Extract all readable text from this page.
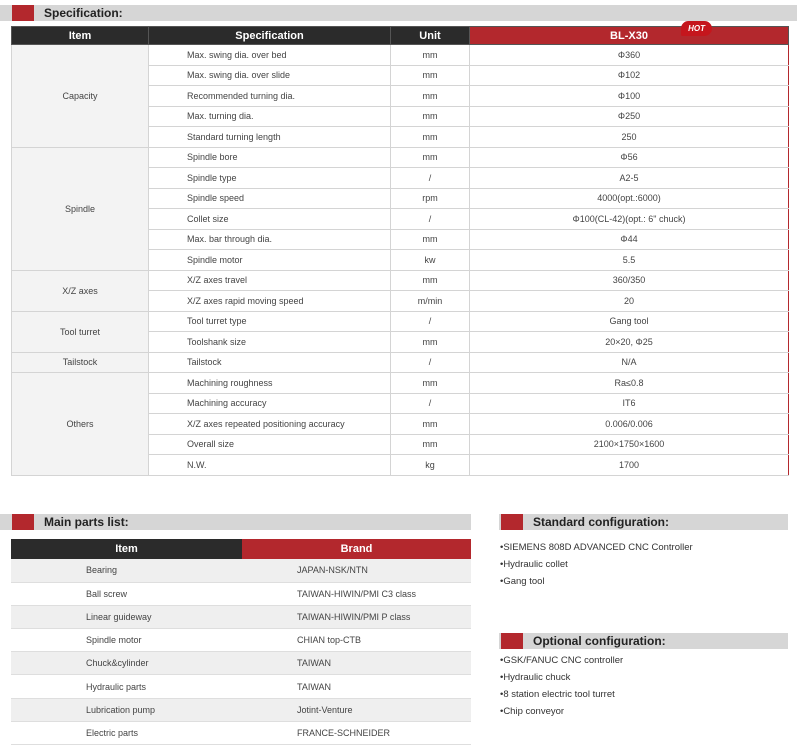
Specification:
Item	Specification	Unit	BL-X30
HOT

Capacity	Max. swing dia. over bed	mm	Φ360
	Max. swing dia. over slide	mm	Φ102
	Recommended turning dia.	mm	Φ100
	Max. turning dia.	mm	Φ250
	Standard turning length	mm	250
Spindle	Spindle bore	mm	Φ56
	Spindle type	/	A2-5
	Spindle speed	rpm	4000(opt.:6000)
	Collet size	/	Φ100(CL-42)(opt.: 6" chuck)
	Max. bar through dia.	mm	Φ44
	Spindle motor	kw	5.5
X/Z axes	X/Z axes travel	mm	360/350
	X/Z axes rapid moving speed	m/min	20
Tool turret	Tool turret type	/	Gang tool
	Toolshank size	mm	20×20, Φ25
Tailstock	Tailstock	/	N/A
Others	Machining roughness	mm	Ra≤0.8
	Machining accuracy	/	IT6
	X/Z axes repeated positioning accuracy	mm	0.006/0.006
	Overall size	mm	2100×1750×1600
	N.W.	kg	1700
Main parts list:
Item	Brand
Bearing	JAPAN-NSK/NTN
Ball screw	TAIWAN-HIWIN/PMI C3 class
Linear guideway	TAIWAN-HIWIN/PMI P class
Spindle motor	CHIAN top-CTB
Chuck&cylinder	TAIWAN
Hydraulic parts	TAIWAN
Lubrication pump	Jotint-Venture
Electric parts	FRANCE-SCHNEIDER
Standard configuration:
•SIEMENS 808D ADVANCED CNC Controller
•Hydraulic collet
•Gang tool
Optional configuration:
•GSK/FANUC CNC controller
•Hydraulic chuck
•8 station electric tool turret
•Chip conveyor
